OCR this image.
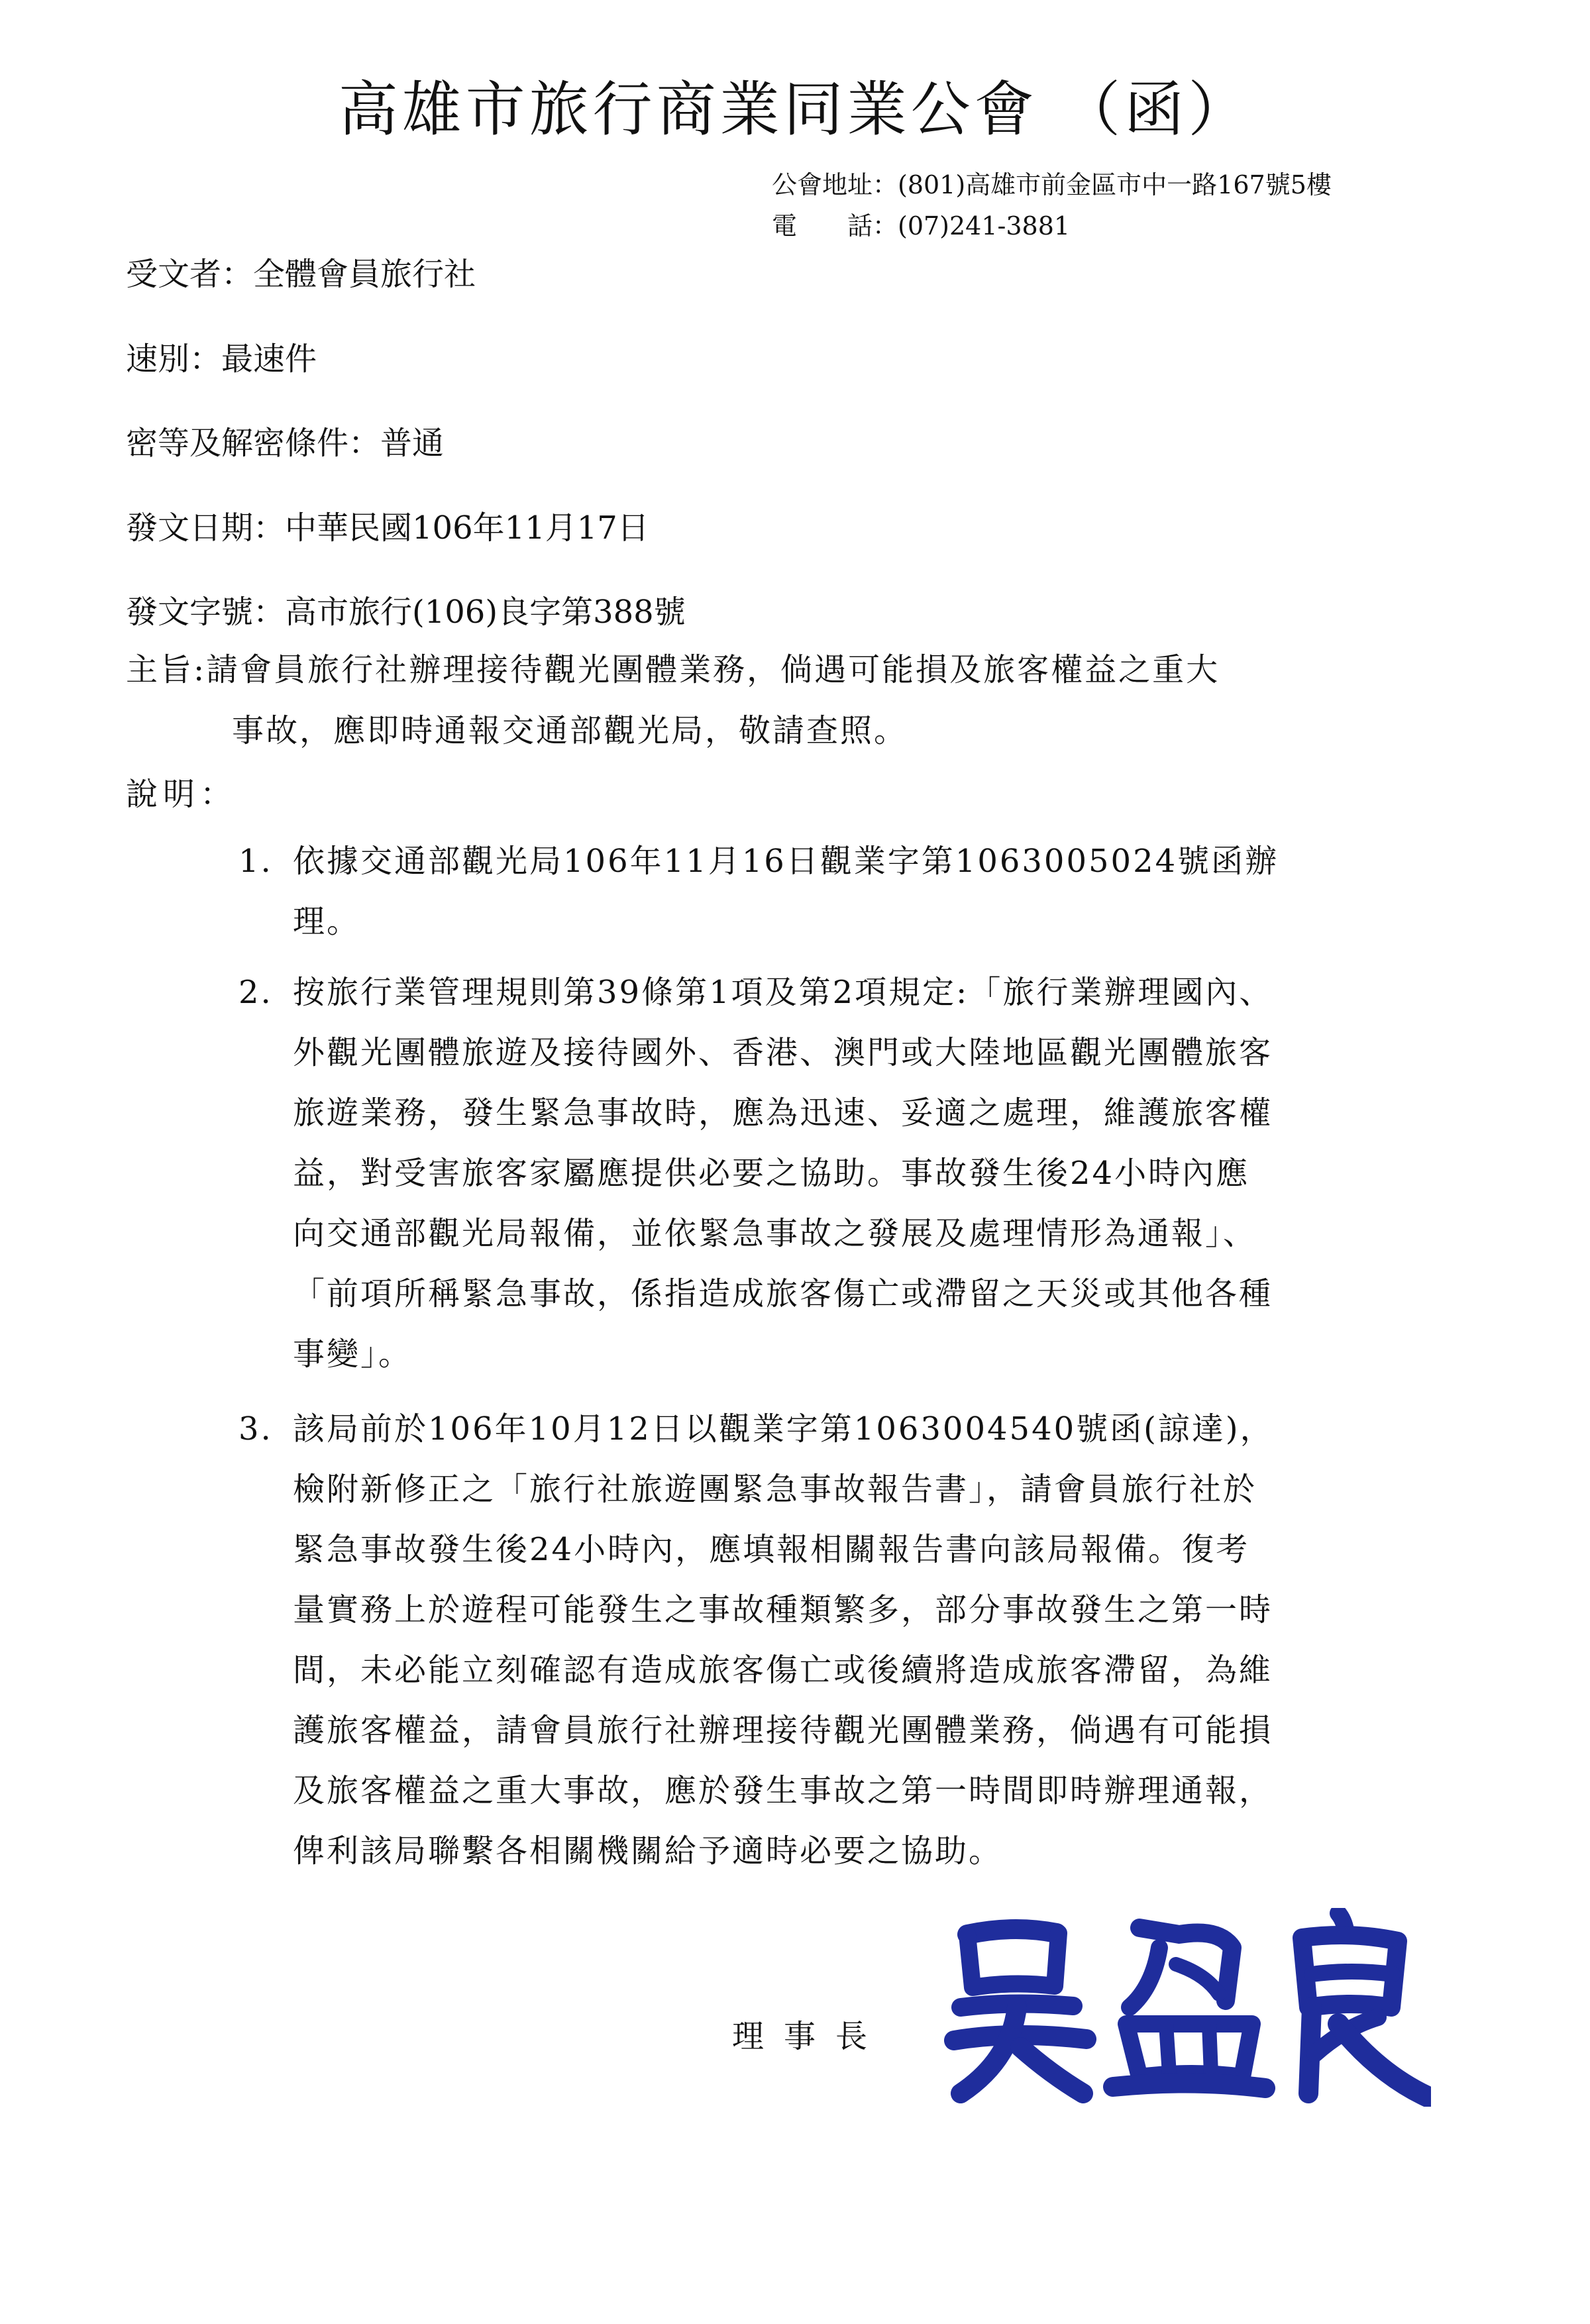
高雄市旅行商業同業公會 （函）
公會地址：(801)高雄市前金區市中一路167號5樓
電　　話：(07)241-3881
受文者：全體會員旅行社
速別：最速件
密等及解密條件：普通
發文日期：中華民國106年11月17日
發文字號：高市旅行(106)良字第388號
主旨:請會員旅行社辦理接待觀光團體業務，倘遇可能損及旅客權益之重大
事故，應即時通報交通部觀光局，敬請查照。
說明：
1. 依據交通部觀光局106年11月16日觀業字第1063005024號函辦
理。
2. 按旅行業管理規則第39條第1項及第2項規定:「旅行業辦理國內、
外觀光團體旅遊及接待國外、香港、澳門或大陸地區觀光團體旅客
旅遊業務，發生緊急事故時，應為迅速、妥適之處理，維護旅客權
益，對受害旅客家屬應提供必要之協助。事故發生後24小時內應
向交通部觀光局報備，並依緊急事故之發展及處理情形為通報」、
「前項所稱緊急事故，係指造成旅客傷亡或滯留之天災或其他各種
事變」。
3. 該局前於106年10月12日以觀業字第1063004540號函(諒達)，
檢附新修正之「旅行社旅遊團緊急事故報告書」，請會員旅行社於
緊急事故發生後24小時內，應填報相關報告書向該局報備。復考
量實務上於遊程可能發生之事故種類繁多，部分事故發生之第一時
間，未必能立刻確認有造成旅客傷亡或後續將造成旅客滯留，為維
護旅客權益，請會員旅行社辦理接待觀光團體業務，倘遇有可能損
及旅客權益之重大事故，應於發生事故之第一時間即時辦理通報，
俾利該局聯繫各相關機關給予適時必要之協助。
理事長
